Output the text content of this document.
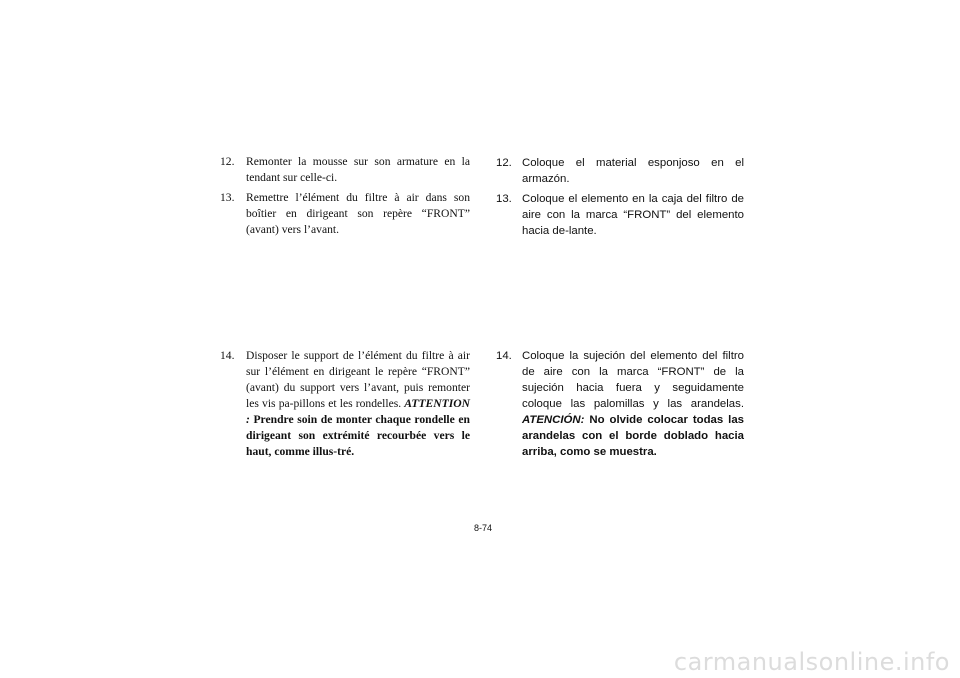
12. Remonter la mousse sur son armature en la tendant sur celle-ci.
13. Remettre l’élément du filtre à air dans son boîtier en dirigeant son repère “FRONT” (avant) vers l’avant.
14. Disposer le support de l’élément du filtre à air sur l’élément en dirigeant le repère “FRONT” (avant) du support vers l’avant, puis remonter les vis pa-pillons et les rondelles. ATTENTION : Prendre soin de monter chaque rondelle en dirigeant son extrémité recourbée vers le haut, comme illus-tré.
12. Coloque el material esponjoso en el armazón.
13. Coloque el elemento en la caja del filtro de aire con la marca “FRONT” del elemento hacia de-lante.
14. Coloque la sujeción del elemento del filtro de aire con la marca “FRONT” de la sujeción hacia fuera y seguidamente coloque las palomillas y las arandelas. ATENCIÓN: No olvide colocar todas las arandelas con el borde doblado hacia arriba, como se muestra.
8-74
carmanualsonline.info
